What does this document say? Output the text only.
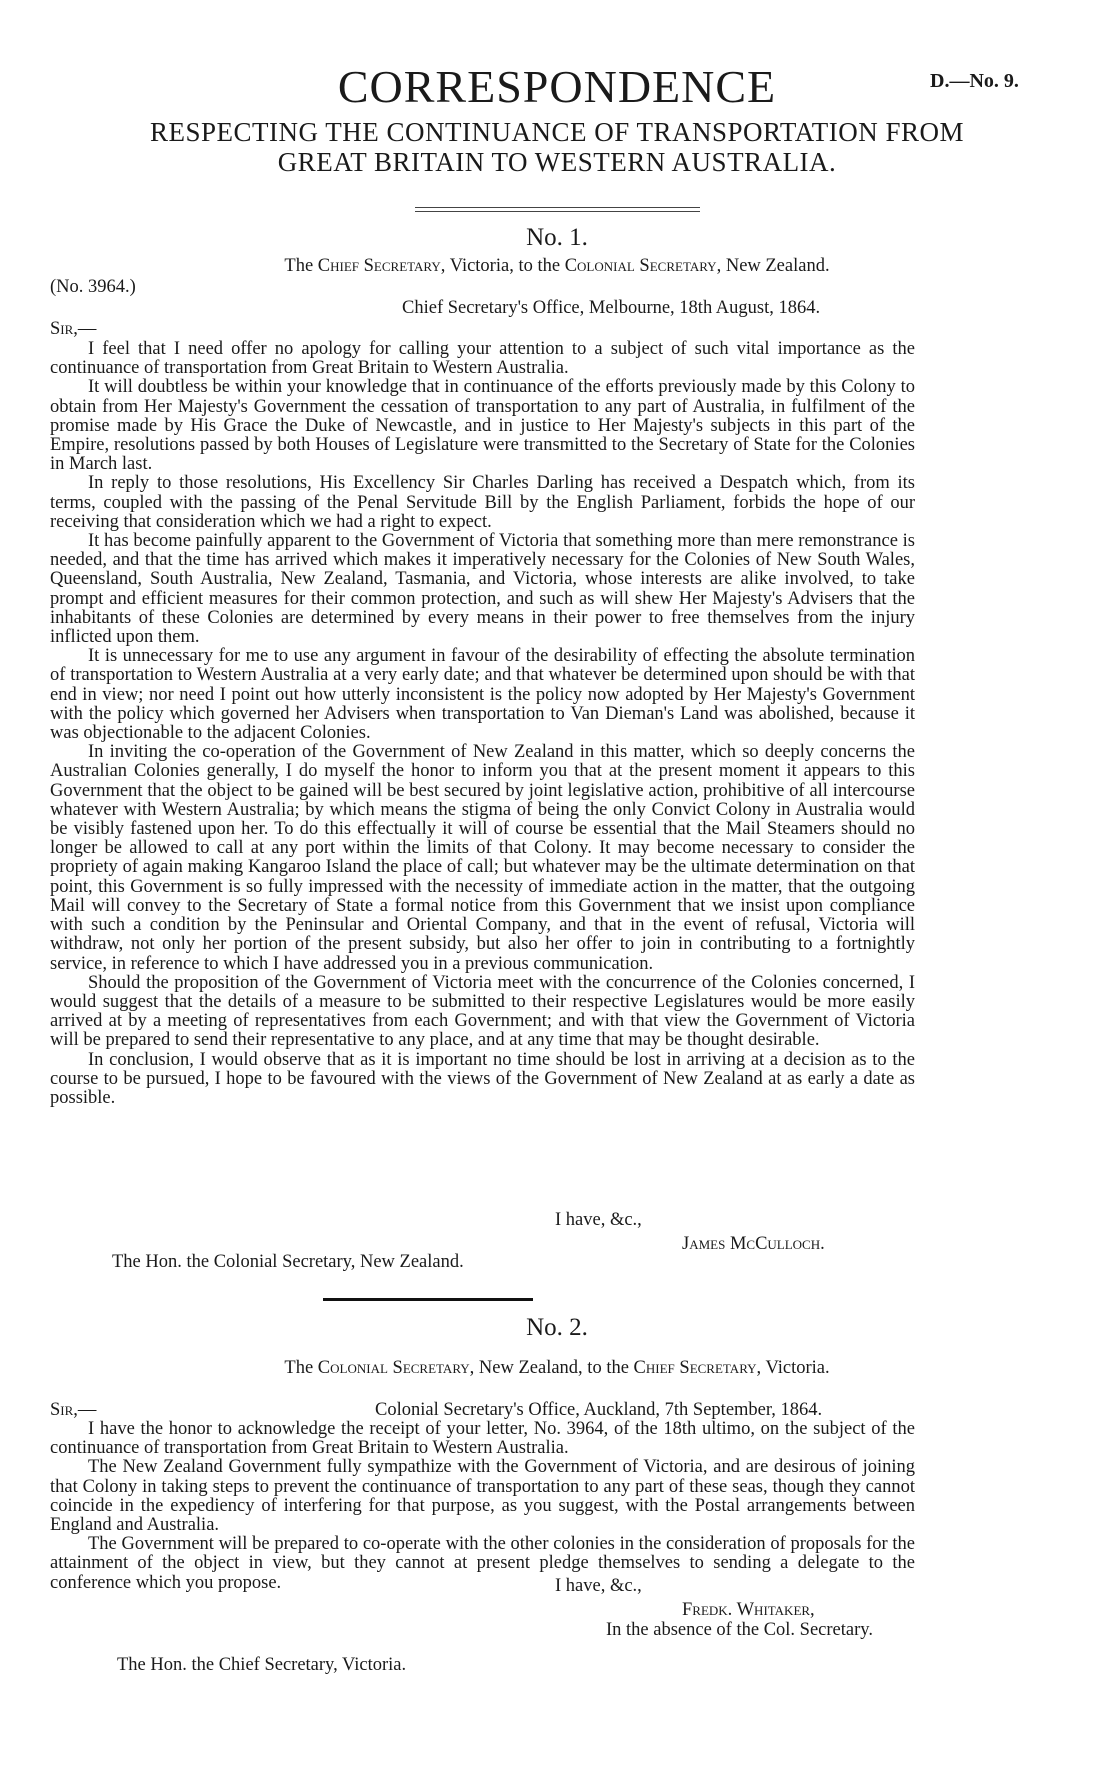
D.—No. 9.
CORRESPONDENCE
RESPECTING THE CONTINUANCE OF TRANSPORTATION FROM
GREAT BRITAIN TO WESTERN AUSTRALIA.
No. 1.
The Chief Secretary, Victoria, to the Colonial Secretary, New Zealand.
(No. 3964.)
Chief Secretary's Office, Melbourne, 18th August, 1864.
Sir,—

I feel that I need offer no apology for calling your attention to a subject of such vital importance as the continuance of transportation from Great Britain to Western Australia.

It will doubtless be within your knowledge that in continuance of the efforts previously made by this Colony to obtain from Her Majesty's Government the cessation of transportation to any part of Australia, in fulfilment of the promise made by His Grace the Duke of Newcastle, and in justice to Her Majesty's subjects in this part of the Empire, resolutions passed by both Houses of Legislature were transmitted to the Secretary of State for the Colonies in March last.

In reply to those resolutions, His Excellency Sir Charles Darling has received a Despatch which, from its terms, coupled with the passing of the Penal Servitude Bill by the English Parliament, forbids the hope of our receiving that consideration which we had a right to expect.

It has become painfully apparent to the Government of Victoria that something more than mere remonstrance is needed, and that the time has arrived which makes it imperatively necessary for the Colonies of New South Wales, Queensland, South Australia, New Zealand, Tasmania, and Victoria, whose interests are alike involved, to take prompt and efficient measures for their common protection, and such as will shew Her Majesty's Advisers that the inhabitants of these Colonies are determined by every means in their power to free themselves from the injury inflicted upon them.

It is unnecessary for me to use any argument in favour of the desirability of effecting the absolute termination of transportation to Western Australia at a very early date; and that whatever be determined upon should be with that end in view; nor need I point out how utterly inconsistent is the policy now adopted by Her Majesty's Government with the policy which governed her Advisers when transportation to Van Dieman's Land was abolished, because it was objectionable to the adjacent Colonies.

In inviting the co-operation of the Government of New Zealand in this matter, which so deeply concerns the Australian Colonies generally, I do myself the honor to inform you that at the present moment it appears to this Government that the object to be gained will be best secured by joint legislative action, prohibitive of all intercourse whatever with Western Australia; by which means the stigma of being the only Convict Colony in Australia would be visibly fastened upon her. To do this effectually it will of course be essential that the Mail Steamers should no longer be allowed to call at any port within the limits of that Colony. It may become necessary to consider the propriety of again making Kangaroo Island the place of call; but whatever may be the ultimate determination on that point, this Government is so fully impressed with the necessity of immediate action in the matter, that the outgoing Mail will convey to the Secretary of State a formal notice from this Government that we insist upon compliance with such a condition by the Peninsular and Oriental Company, and that in the event of refusal, Victoria will withdraw, not only her portion of the present subsidy, but also her offer to join in contributing to a fortnightly service, in reference to which I have addressed you in a previous communication.

Should the proposition of the Government of Victoria meet with the concurrence of the Colonies concerned, I would suggest that the details of a measure to be submitted to their respective Legislatures would be more easily arrived at by a meeting of representatives from each Government; and with that view the Government of Victoria will be prepared to send their representative to any place, and at any time that may be thought desirable.

In conclusion, I would observe that as it is important no time should be lost in arriving at a decision as to the course to be pursued, I hope to be favoured with the views of the Government of New Zealand at as early a date as possible.

I have, &c.,
James McCulloch.
The Hon. the Colonial Secretary, New Zealand.
No. 2.
The Colonial Secretary, New Zealand, to the Chief Secretary, Victoria.
Sir,—	Colonial Secretary's Office, Auckland, 7th September, 1864.

I have the honor to acknowledge the receipt of your letter, No. 3964, of the 18th ultimo, on the subject of the continuance of transportation from Great Britain to Western Australia.

The New Zealand Government fully sympathize with the Government of Victoria, and are desirous of joining that Colony in taking steps to prevent the continuance of transportation to any part of these seas, though they cannot coincide in the expediency of interfering for that purpose, as you suggest, with the Postal arrangements between England and Australia.

The Government will be prepared to co-operate with the other colonies in the consideration of proposals for the attainment of the object in view, but they cannot at present pledge themselves to sending a delegate to the conference which you propose.	I have, &c.,
Fredk. Whitaker,
In the absence of the Col. Secretary.
The Hon. the Chief Secretary, Victoria.
